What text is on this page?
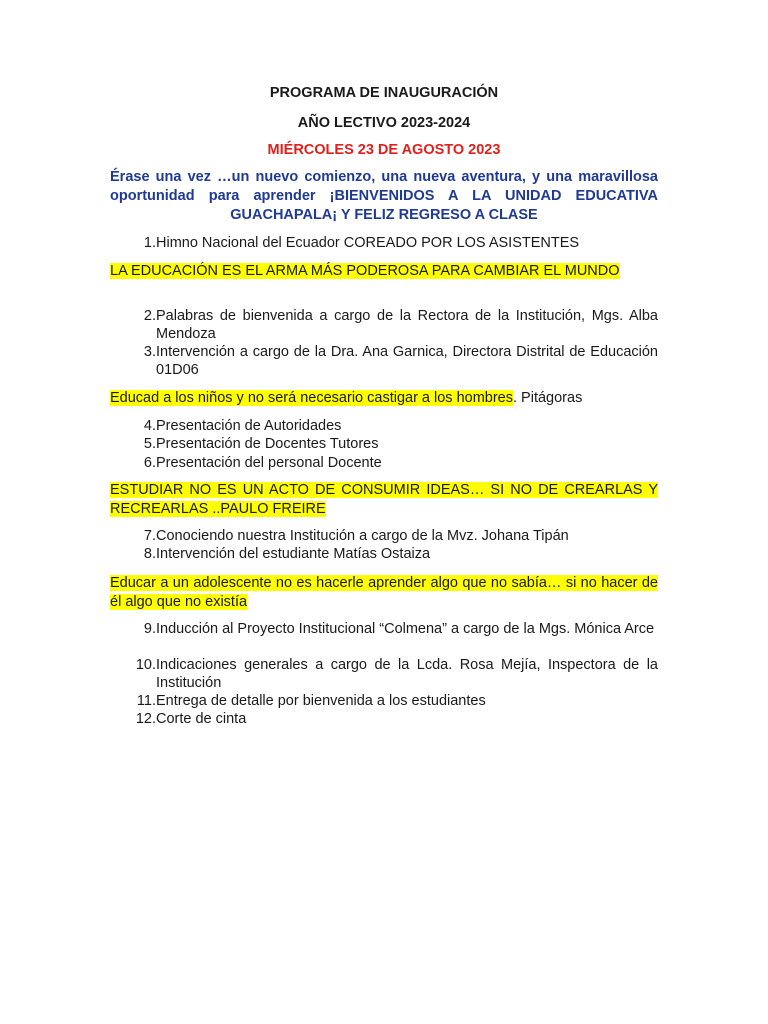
PROGRAMA DE INAUGURACIÓN
AÑO LECTIVO 2023-2024
MIÉRCOLES 23 DE AGOSTO 2023
Érase una vez …un nuevo comienzo, una nueva aventura, y una maravillosa oportunidad para aprender ¡BIENVENIDOS A LA UNIDAD EDUCATIVA GUACHAPALA¡ Y FELIZ REGRESO A CLASE
1. Himno Nacional del Ecuador COREADO POR LOS ASISTENTES
LA EDUCACIÓN ES EL ARMA MÁS PODEROSA PARA CAMBIAR EL MUNDO
2. Palabras de bienvenida a cargo de la Rectora de la Institución, Mgs. Alba Mendoza
3. Intervención a cargo de la Dra. Ana Garnica, Directora Distrital de Educación 01D06
Educad a los niños y no será necesario castigar a los hombres. Pitágoras
4. Presentación de Autoridades
5. Presentación de Docentes Tutores
6. Presentación del personal Docente
ESTUDIAR NO ES UN ACTO DE CONSUMIR IDEAS… SI NO DE CREARLAS Y RECREARLAS ..PAULO FREIRE
7. Conociendo nuestra Institución a cargo de la Mvz. Johana Tipán
8. Intervención del estudiante Matías Ostaiza
Educar a un adolescente no es hacerle aprender algo que no sabía… si no hacer de él algo que no existía
9. Inducción al Proyecto Institucional “Colmena” a cargo de la Mgs. Mónica Arce
10. Indicaciones generales a cargo de la Lcda. Rosa Mejía, Inspectora de la Institución
11. Entrega de detalle por bienvenida a los estudiantes
12. Corte de cinta
